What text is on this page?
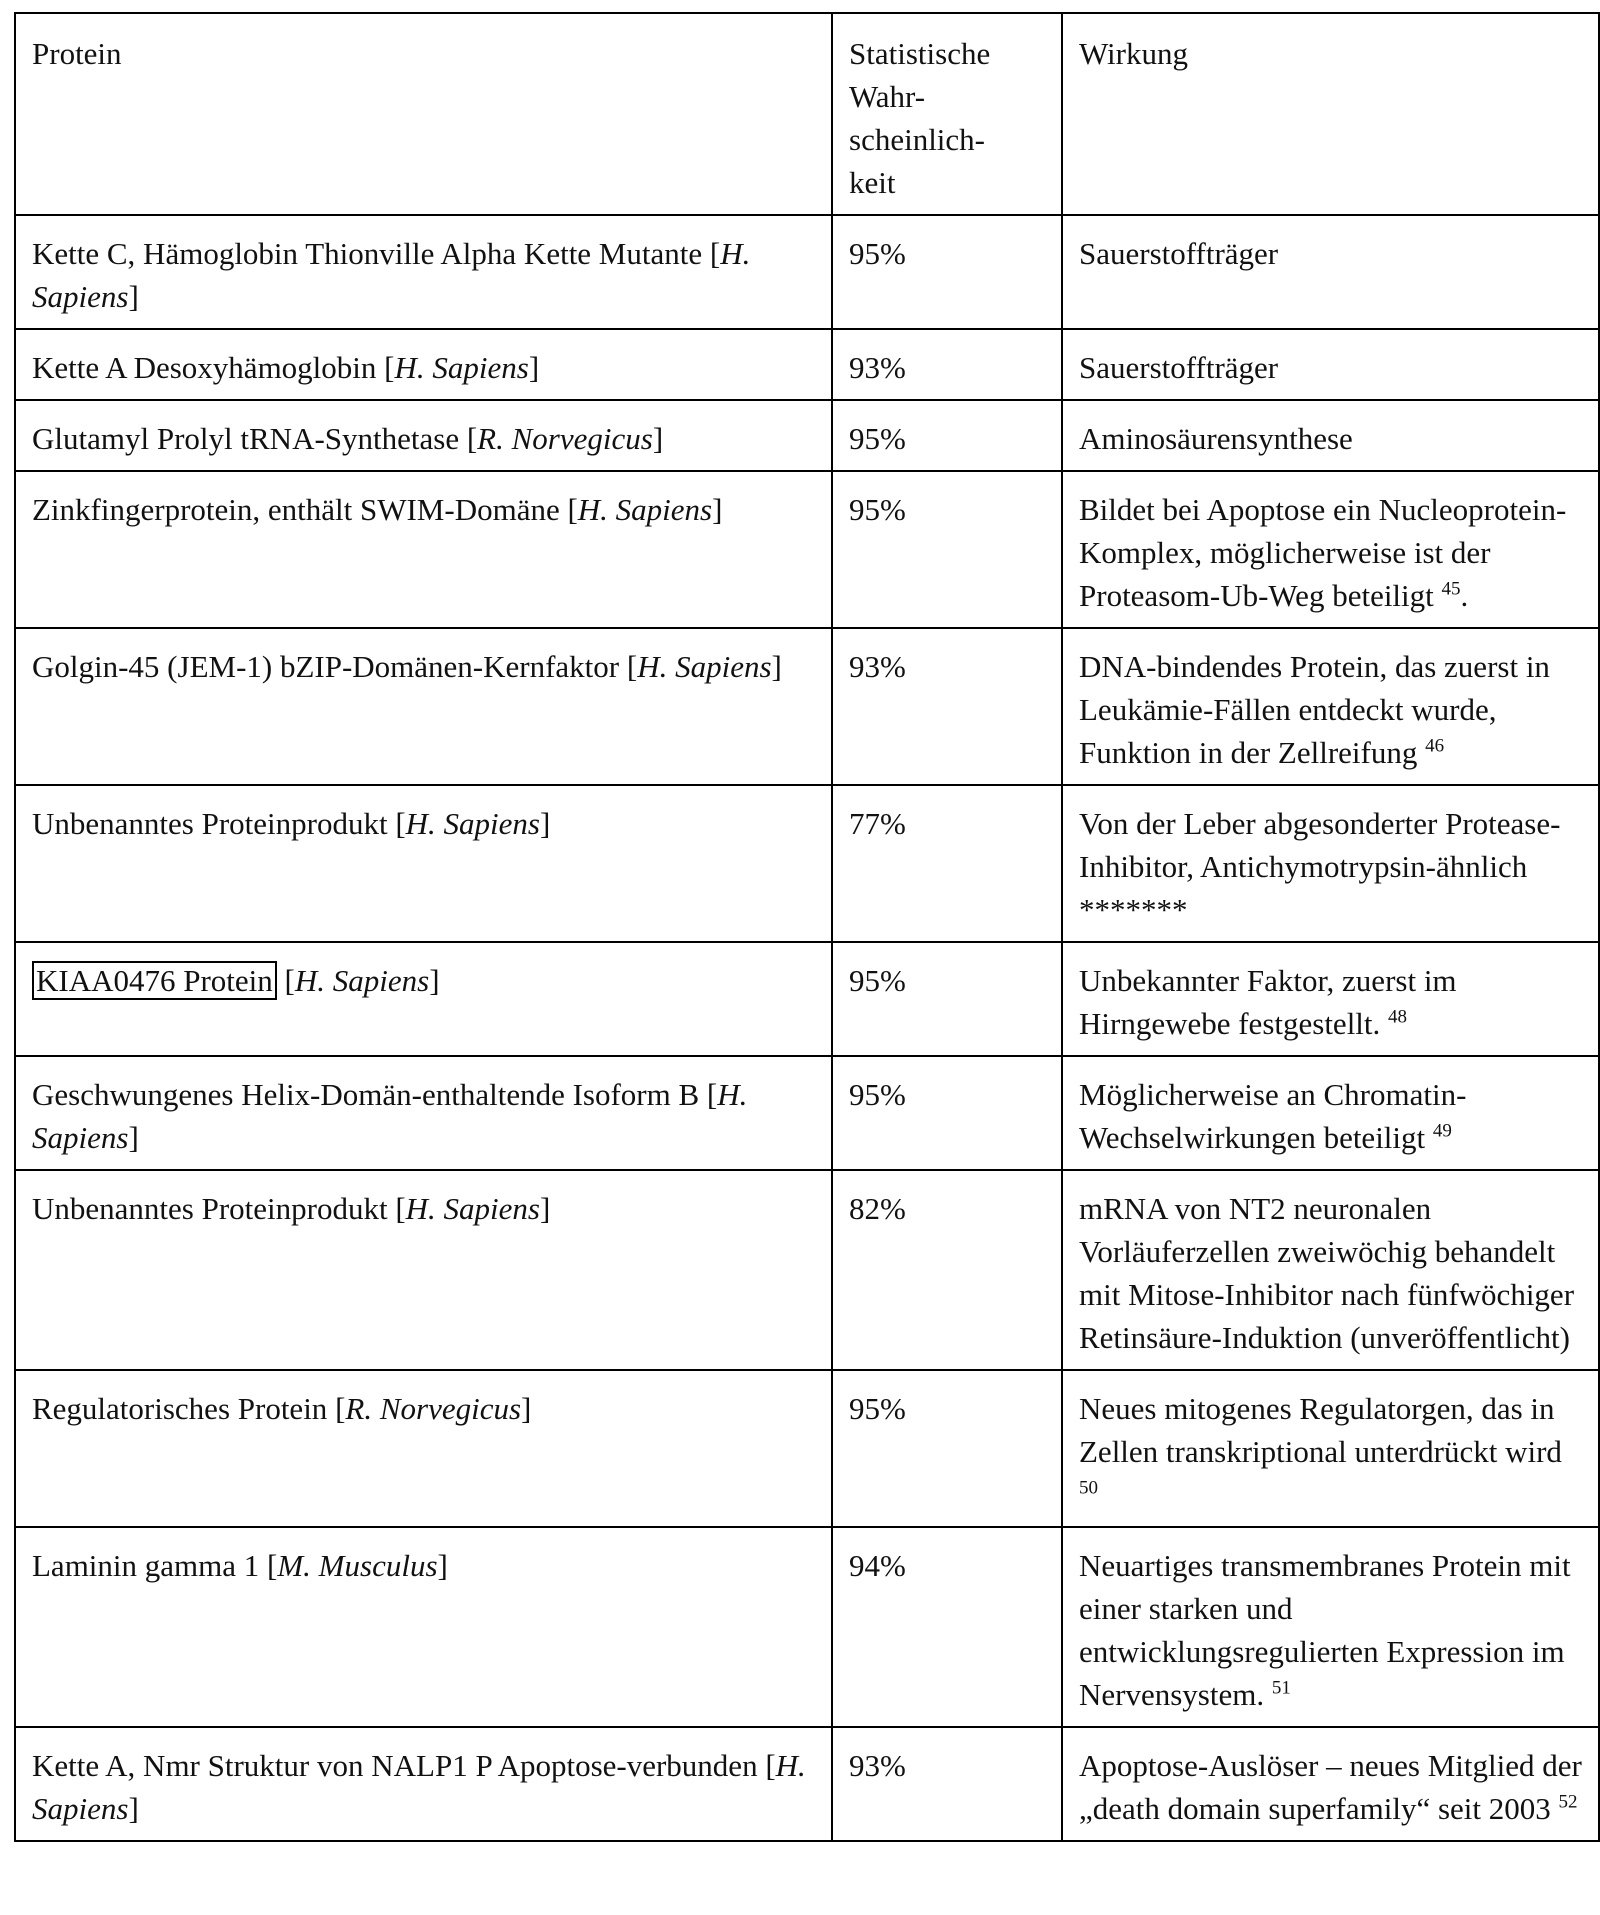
Protein	Statistische
Wahr-
scheinlich-
keit	Wirkung
Kette C, Hämoglobin Thionville Alpha Kette Mutante [H. Sapiens]	95%	Sauerstoffträger
Kette A Desoxyhämoglobin [H. Sapiens]	93%	Sauerstoffträger
Glutamyl Prolyl tRNA-Synthetase [R. Norvegicus]	95%	Aminosäurensynthese
Zinkfingerprotein, enthält SWIM-Domäne [H. Sapiens]	95%	Bildet bei Apoptose ein Nucleoprotein-Komplex, möglicherweise ist der Proteasom-Ub-Weg beteiligt $^{45}$.
Golgin-45 (JEM-1) bZIP-Domänen-Kernfaktor [H. Sapiens]	93%	DNA-bindendes Protein, das zuerst in Leukämie-Fällen entdeckt wurde, Funktion in der Zellreifung $^{46}$
Unbenanntes Proteinprodukt [H. Sapiens]	77%	Von der Leber abgesonderter Protease-Inhibitor, Antichymotrypsin-ähnlich *******
KIAA0476 Protein [H. Sapiens]	95%	Unbekannter Faktor, zuerst im Hirngewebe festgestellt. $^{48}$
Geschwungenes Helix-Domän-enthaltende Isoform B [H. Sapiens]	95%	Möglicherweise an Chromatin-Wechselwirkungen beteiligt $^{49}$
Unbenanntes Proteinprodukt [H. Sapiens]	82%	mRNA von NT2 neuronalen Vorläuferzellen zweiwöchig behandelt mit Mitose-Inhibitor nach fünfwöchiger Retinsäure-Induktion (unveröffentlicht)
Regulatorisches Protein [R. Norvegicus]	95%	Neues mitogenes Regulatorgen, das in Zellen transkriptional unterdrückt wird $^{50}$
Laminin gamma 1 [M. Musculus]	94%	Neuartiges transmembranes Protein mit einer starken und entwicklungsregulierten Expression im Nervensystem. $^{51}$
Kette A, Nmr Struktur von NALP1 P Apoptose-verbunden [H. Sapiens]	93%	Apoptose-Auslöser – neues Mitglied der „death domain superfamily“ seit 2003 $^{52}$
